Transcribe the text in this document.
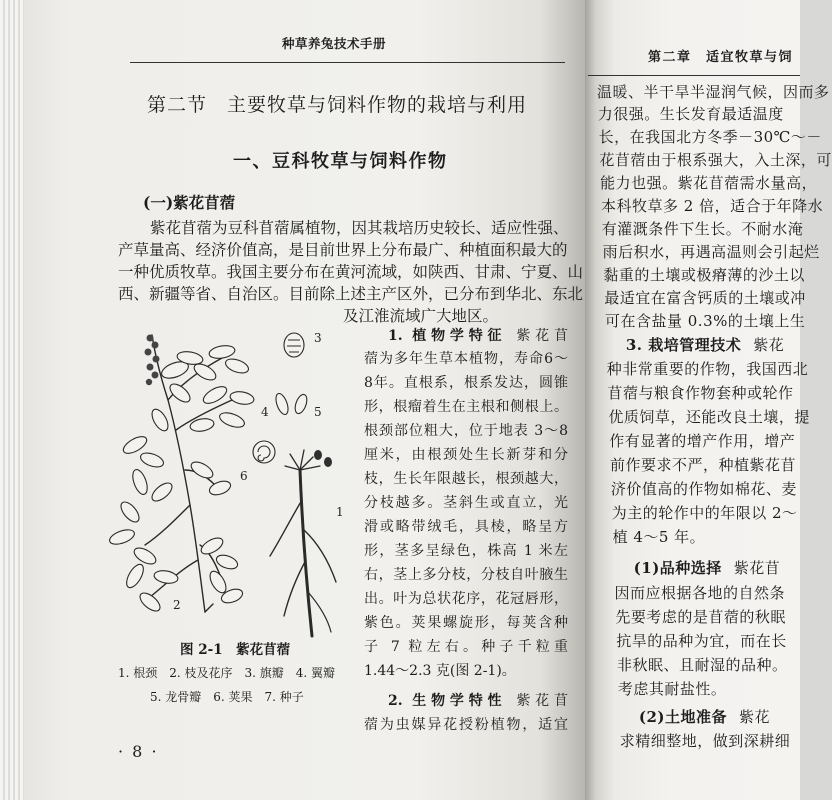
种草养兔技术手册
第二节　主要牧草与饲料作物的栽培与利用
一、豆科牧草与饲料作物
(一)紫花苜蓿
1
2
3
4	5
6
图 2-1　紫花苜蓿
1. 根颈　2. 枝及花序　3. 旗瓣　4. 翼瓣
5. 龙骨瓣　6. 荚果　7. 种子
· 8 ·
紫花苜蓿为豆科苜蓿属植物，因其栽培历史较长、适应性强、
产草量高、经济价值高，是目前世界上分布最广、种植面积最大的
一种优质牧草。我国主要分布在黄河流域，如陕西、甘肃、宁夏、山
西、新疆等省、自治区。目前除上述主产区外，已分布到华北、东北
及江淮流域广大地区。
1. 植物学特征 紫花苜
蓿为多年生草本植物，寿命6～
8年。直根系，根系发达，圆锥
形，根瘤着生在主根和侧根上。
根颈部位粗大，位于地表 3～8
厘米，由根颈处生长新芽和分
枝，生长年限越长，根颈越大，
分枝越多。茎斜生或直立，光
滑或略带绒毛，具棱，略呈方
形，茎多呈绿色，株高 1 米左
右，茎上多分枝，分枝自叶腋生
出。叶为总状花序，花冠唇形，
紫色。荚果螺旋形，每荚含种
子 7 粒左右。种子千粒重
1.44～2.3 克(图 2-1)。
2. 生物学特性 紫花苜
蓿为虫媒异花授粉植物，适宜
第二章　适宜牧草与饲
温暖、半干旱半湿润气候，因而多
力很强。生长发育最适温度
长，在我国北方冬季－30℃～－
花苜蓿由于根系强大，入土深，可
能力也强。紫花苜蓿需水量高，
本科牧草多 2 倍，适合于年降水
有灌溉条件下生长。不耐水淹
雨后积水，再遇高温则会引起烂
黏重的土壤或极瘠薄的沙土以
最适宜在富含钙质的土壤或冲
可在含盐量 0.3%的土壤上生
3. 栽培管理技术 紫花
种非常重要的作物，我国西北
苜蓿与粮食作物套种或轮作
优质饲草，还能改良土壤，提
作有显著的增产作用，增产
前作要求不严，种植紫花苜
济价值高的作物如棉花、麦
为主的轮作中的年限以 2～
植 4～5 年。
(1)品种选择 紫花苜
因而应根据各地的自然条
先要考虑的是苜蓿的秋眠
抗旱的品种为宜，而在长
非秋眠、且耐湿的品种。
考虑其耐盐性。
(2)土地准备 紫花
求精细整地，做到深耕细
